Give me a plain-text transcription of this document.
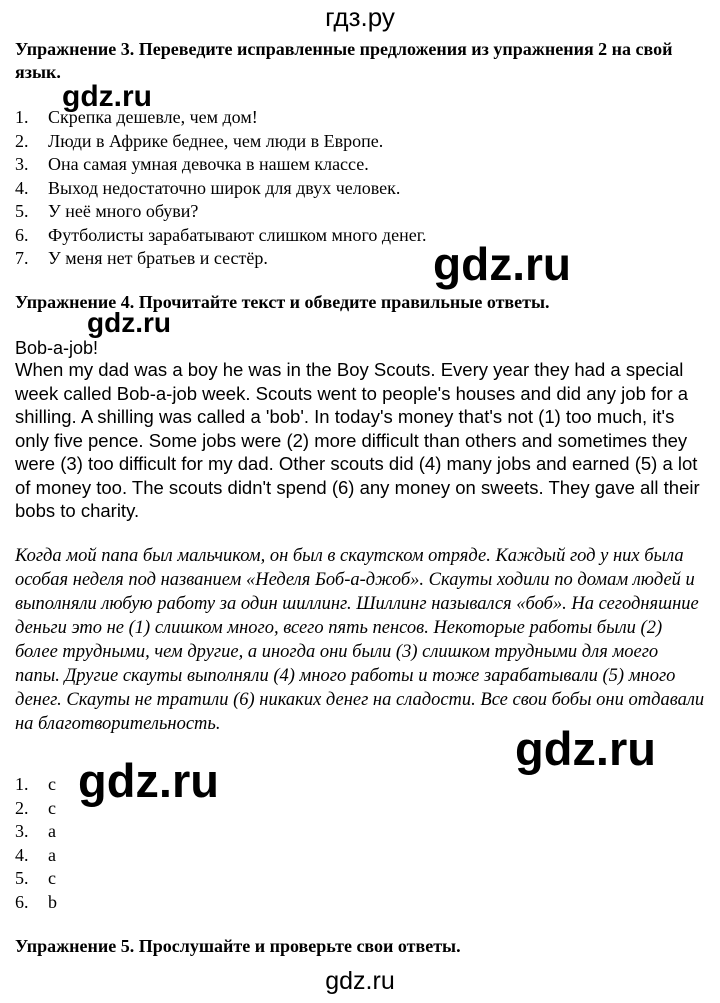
гдз.ру
Упражнение 3. Переведите исправленные предложения из упражнения 2 на свой язык.
1.	Скрепка дешевле, чем дом!
2.	Люди в Африке беднее, чем люди в Европе.
3.	Она самая умная девочка в нашем классе.
4.	Выход недостаточно широк для двух человек.
5.	У неё много обуви?
6.	Футболисты зарабатывают слишком много денег.
7.	У меня нет братьев и сестёр.
Упражнение 4. Прочитайте текст и обведите правильные ответы.
Bob-a-job!
When my dad was a boy he was in the Boy Scouts. Every year they had a special week called Bob-a-job week. Scouts went to people's houses and did any job for a shilling. A shilling was called a 'bob'. In today's money that's not (1) too much, it's only five pence. Some jobs were (2) more difficult than others and sometimes they were (3) too difficult for my dad. Other scouts did (4) many jobs and earned (5) a lot of money too. The scouts didn't spend (6) any money on sweets. They gave all their bobs to charity.
Когда мой папа был мальчиком, он был в скаутском отряде. Каждый год у них была особая неделя под названием «Неделя Боб-а-джоб». Скауты ходили по домам людей и выполняли любую работу за один шиллинг. Шиллинг назывался «боб». На сегодняшние деньги это не (1) слишком много, всего пять пенсов. Некоторые работы были (2) более трудными, чем другие, а иногда они были (3) слишком трудными для моего папы. Другие скауты выполняли (4) много работы и тоже зарабатывали (5) много денег. Скауты не тратили (6) никаких денег на сладости. Все свои бобы они отдавали на благотворительность.
1.	c
2.	c
3.	a
4.	a
5.	c
6.	b
Упражнение 5. Прослушайте и проверьте свои ответы.
gdz.ru
gdz.ru
gdz.ru
gdz.ru
gdz.ru
gdz.ru
